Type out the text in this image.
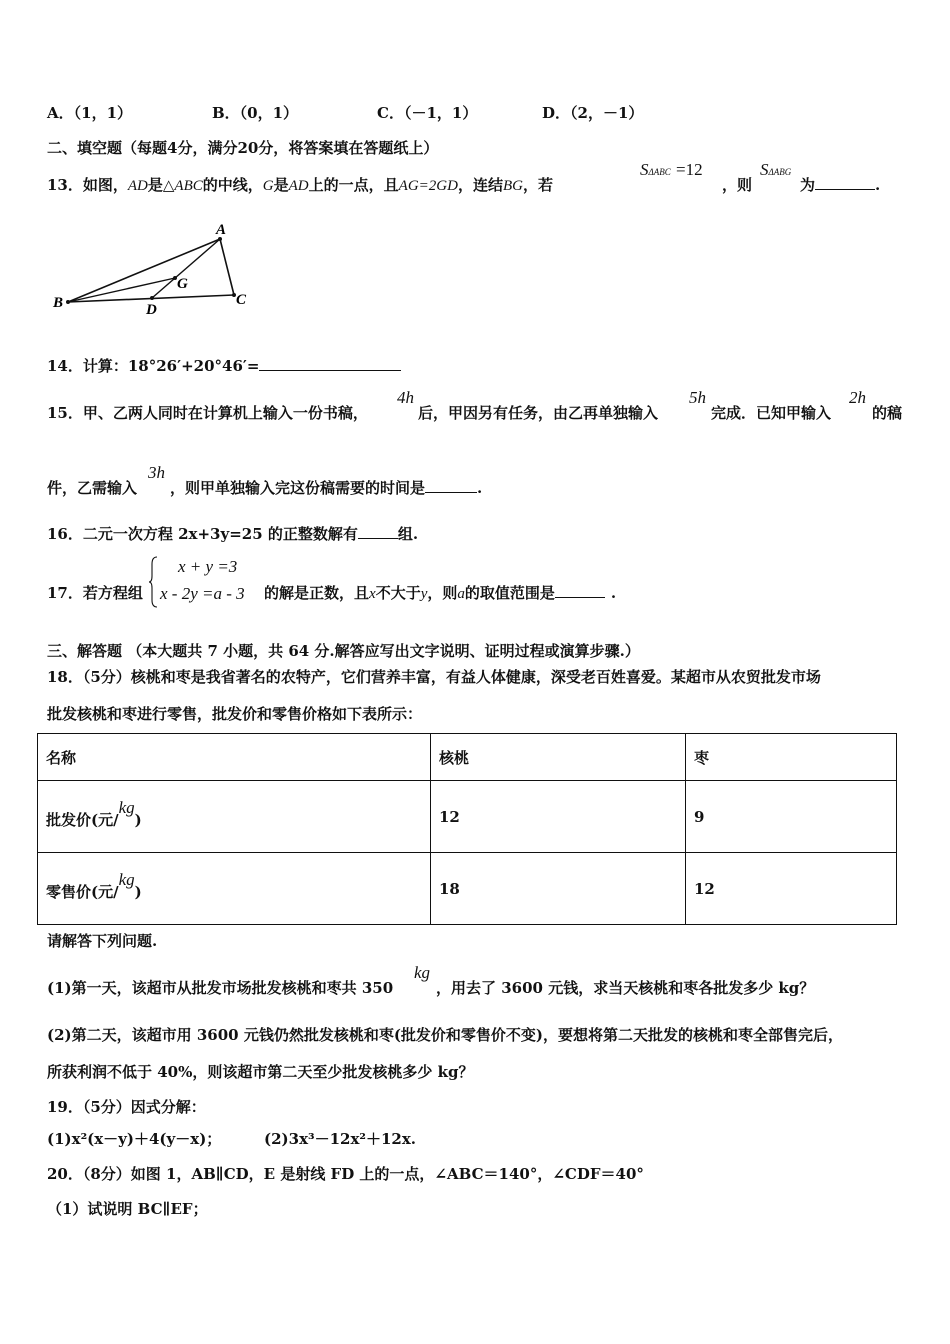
A．（1，1）	B．（0，1）	C．（－1，1）	D．（2，－1）
二、填空题（每题4分，满分20分，将答案填在答题纸上）
13．如图，AD是△ABC的中线，G是AD上的一点，且AG=2GD，连结BG，若
SΔABC =12
，则
SΔABG
为	.
A
G
B	D
C
14．计算：18°26′+20°46′=
15．甲、乙两人同时在计算机上输入一份书稿，
4h
后，甲因另有任务，由乙再单独输入
5h
完成．已知甲输入
2h
的稿
件，乙需输入
3h
，则甲单独输入完这份稿需要的时间是	.
16．二元一次方程 2x+3y=25 的正整数解有	组.
17．若方程组
x + y =3
x - 2y =a - 3 的解是正数，且x不大于y，则a的取值范围是	.
三、解答题 （本大题共 7 小题，共 64 分.解答应写出文字说明、证明过程或演算步骤.）
18．（5分）核桃和枣是我省著名的农特产，它们营养丰富，有益人体健康，深受老百姓喜爱。某超市从农贸批发市场
批发核桃和枣进行零售，批发价和零售价格如下表所示：
名称	核桃	枣
批发价(元/$^{kg}$)	12	9
零售价(元/$^{kg}$)	18	12
请解答下列问题.
(1)第一天，该超市从批发市场批发核桃和枣共 350
kg
，用去了 3600 元钱，求当天核桃和枣各批发多少 kg？
(2)第二天，该超市用 3600 元钱仍然批发核桃和枣(批发价和零售价不变)，要想将第二天批发的核桃和枣全部售完后，
所获利润不低于 40%，则该超市第二天至少批发核桃多少 kg？
19．（5分）因式分解：
(1)x²(x－y)＋4(y－x)；	(2)3x³－12x²＋12x.
20．（8分）如图 1，AB∥CD，E 是射线 FD 上的一点，∠ABC＝140°，∠CDF＝40°
（1）试说明 BC∥EF；
